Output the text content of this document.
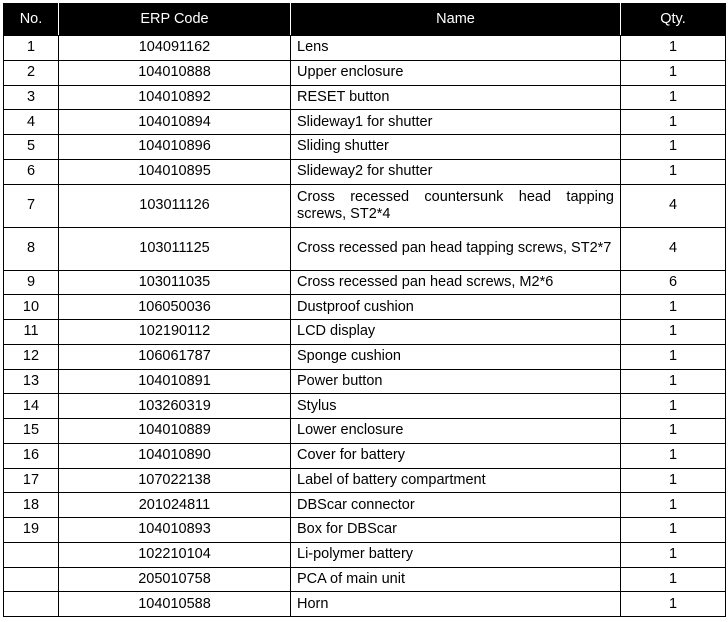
No.	ERP Code	Name	Qty.
1	104091162	Lens	1
2	104010888	Upper enclosure	1
3	104010892	RESET button	1
4	104010894	Slideway1 for shutter	1
5	104010896	Sliding shutter	1
6	104010895	Slideway2 for shutter	1
7	103011126	Cross recessed countersunk head tapping screws, ST2*4	4
8	103011125	Cross recessed pan head tapping screws, ST2*7	4
9	103011035	Cross recessed pan head screws, M2*6	6
10	106050036	Dustproof cushion	1
11	102190112	LCD display	1
12	106061787	Sponge cushion	1
13	104010891	Power button	1
14	103260319	Stylus	1
15	104010889	Lower enclosure	1
16	104010890	Cover for battery	1
17	107022138	Label of battery compartment	1
18	201024811	DBScar connector	1
19	104010893	Box for DBScar	1
	102210104	Li-polymer battery	1
	205010758	PCA of main unit	1
	104010588	Horn	1
